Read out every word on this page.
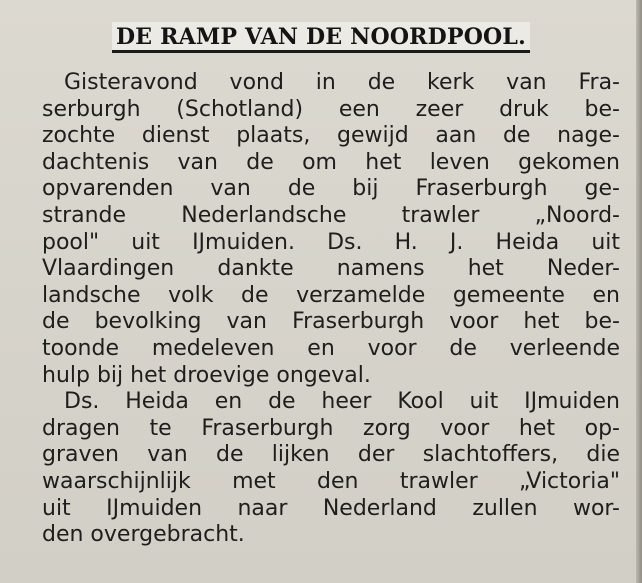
DE RAMP VAN DE NOORDPOOL.
Gisteravond vond in de kerk van Fra-
serburgh (Schotland) een zeer druk be-
zochte dienst plaats, gewijd aan de nage-
dachtenis van de om het leven gekomen
opvarenden van de bij Fraserburgh ge-
strande Nederlandsche trawler „Noord-
pool" uit IJmuiden. Ds. H. J. Heida uit
Vlaardingen dankte namens het Neder-
landsche volk de verzamelde gemeente en
de bevolking van Fraserburgh voor het be-
toonde medeleven en voor de verleende
hulp bij het droevige ongeval.
Ds. Heida en de heer Kool uit IJmuiden
dragen te Fraserburgh zorg voor het op-
graven van de lijken der slachtoffers, die
waarschijnlijk met den trawler „Victoria"
uit IJmuiden naar Nederland zullen wor-
den overgebracht.
